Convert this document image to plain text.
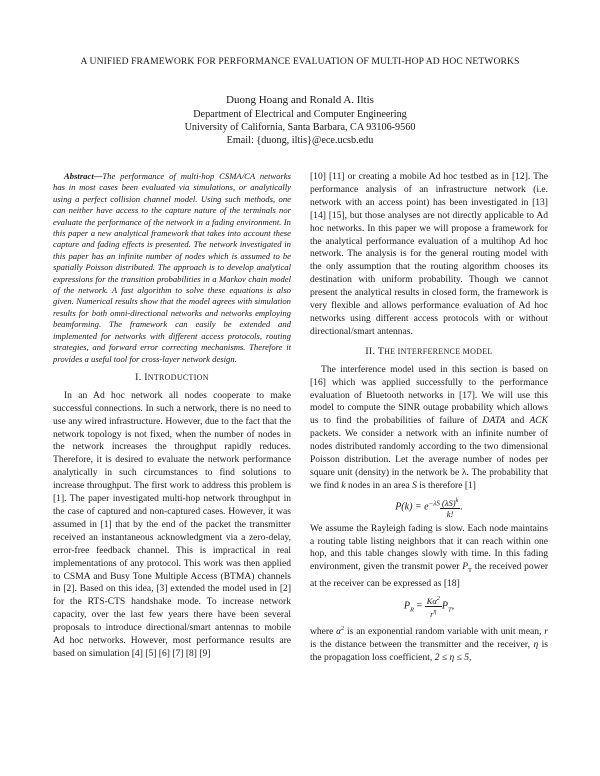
A UNIFIED FRAMEWORK FOR PERFORMANCE EVALUATION OF MULTI-HOP AD HOC NETWORKS
Duong Hoang and Ronald A. Iltis
Department of Electrical and Computer Engineering
University of California, Santa Barbara, CA 93106-9560
Email: {duong, iltis}@ece.ucsb.edu

Abstract—The performance of multi-hop CSMA/CA networks has in most cases been evaluated via simulations, or analytically using a perfect collision channel model. Using such methods, one can neither have access to the capture nature of the terminals nor evaluate the performance of the network in a fading environment. In this paper a new analytical framework that takes into account these capture and fading effects is presented. The network investigated in this paper has an infinite number of nodes which is assumed to be spatially Poisson distributed. The approach is to develop analytical expressions for the transition probabilities in a Markov chain model of the network. A fast algorithm to solve these equations is also given. Numerical results show that the model agrees with simulation results for both omni-directional networks and networks employing beamforming. The framework can easily be extended and implemented for networks with different access protocols, routing strategies, and forward error correcting mechanisms. Therefore it provides a useful tool for cross-layer network design.

I. INTRODUCTION

In an Ad hoc network all nodes cooperate to make successful connections. In such a network, there is no need to use any wired infrastructure. However, due to the fact that the network topology is not fixed, when the number of nodes in the network increases the throughput rapidly reduces. Therefore, it is desired to evaluate the network performance analytically in such circumstances to find solutions to increase throughput. The first work to address this problem is [1]. The paper investigated multi-hop network throughput in the case of captured and non-captured cases. However, it was assumed in [1] that by the end of the packet the transmitter received an instantaneous acknowledgment via a zero-delay, error-free feedback channel. This is impractical in real implementations of any protocol. This work was then applied to CSMA and Busy Tone Multiple Access (BTMA) channels in [2]. Based on this idea, [3] extended the model used in [2] for the RTS-CTS handshake mode. To increase network capacity, over the last few years there have been several proposals to introduce directional/smart antennas to mobile Ad hoc networks. However, most performance results are based on simulation [4] [5] [6] [7] [8] [9]

[10] [11] or creating a mobile Ad hoc testbed as in [12]. The performance analysis of an infrastructure network (i.e. network with an access point) has been investigated in [13] [14] [15], but those analyses are not directly applicable to Ad hoc networks. In this paper we will propose a framework for the analytical performance evaluation of a multihop Ad hoc network. The analysis is for the general routing model with the only assumption that the routing algorithm chooses its destination with uniform probability. Though we cannot present the analytical results in closed form, the framework is very flexible and allows performance evaluation of Ad hoc networks using different access protocols with or without directional/smart antennas.

II. THE INTERFERENCE MODEL

The interference model used in this section is based on [16] which was applied successfully to the performance evaluation of Bluetooth networks in [17]. We will use this model to compute the SINR outage probability which allows us to find the probabilities of failure of DATA and ACK packets. We consider a network with an infinite number of nodes distributed randomly according to the two dimensional Poisson distribution. Let the average number of nodes per square unit (density) in the network be λ. The probability that we find k nodes in an area S is therefore [1]

$P(k) = e^{-\lambda S} \frac{(\lambda S)^k}{k!}$ .

We assume the Rayleigh fading is slow. Each node maintains a routing table listing neighbors that it can reach within one hop, and this table changes slowly with time. In this fading environment, given the transmit power $P_T$ the received power at the receiver can be expressed as [18]

$P_R = \frac{K\alpha^2}{r^\eta} P_T$,

where $\alpha^2$ is an exponential random variable with unit mean, r is the distance between the transmitter and the receiver, η is the propagation loss coefficient, 2 ≤ η ≤ 5,
